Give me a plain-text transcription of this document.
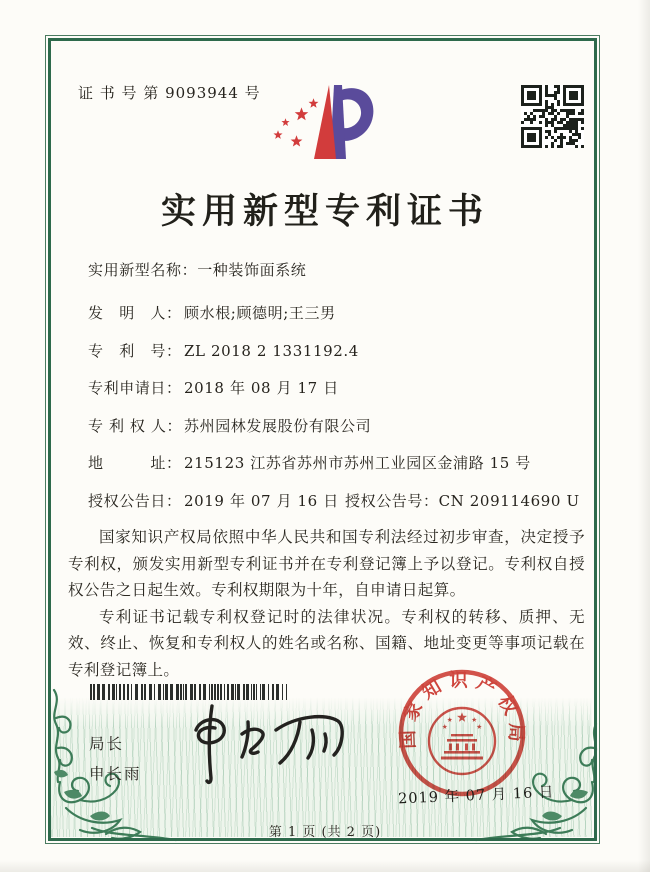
证 书 号 第 9093944 号
实用新型专利证书
实用新型名称：一种装饰面系统
发　明　人： 顾水根;顾德明;王三男
专　利　号： ZL 2018 2 1331192.4
专利申请日： 2018 年 08 月 17 日
专 利 权 人： 苏州园林发展股份有限公司
地　　　址： 215123 江苏省苏州市苏州工业园区金浦路 15 号
授权公告日： 2019 年 07 月 16 日 授权公告号：CN 209114690 U

国家知识产权局依照中华人民共和国专利法经过初步审查，决定授予专利权，颁发实用新型专利证书并在专利登记簿上予以登记。专利权自授权公告之日起生效。专利权期限为十年，自申请日起算。

专利证书记载专利权登记时的法律状况。专利权的转移、质押、无效、终止、恢复和专利权人的姓名或名称、国籍、地址变更等事项记载在专利登记簿上。

局长
申长雨
国家知识产权局
2019 年 07 月 16 日
第 1 页 (共 2 页)
